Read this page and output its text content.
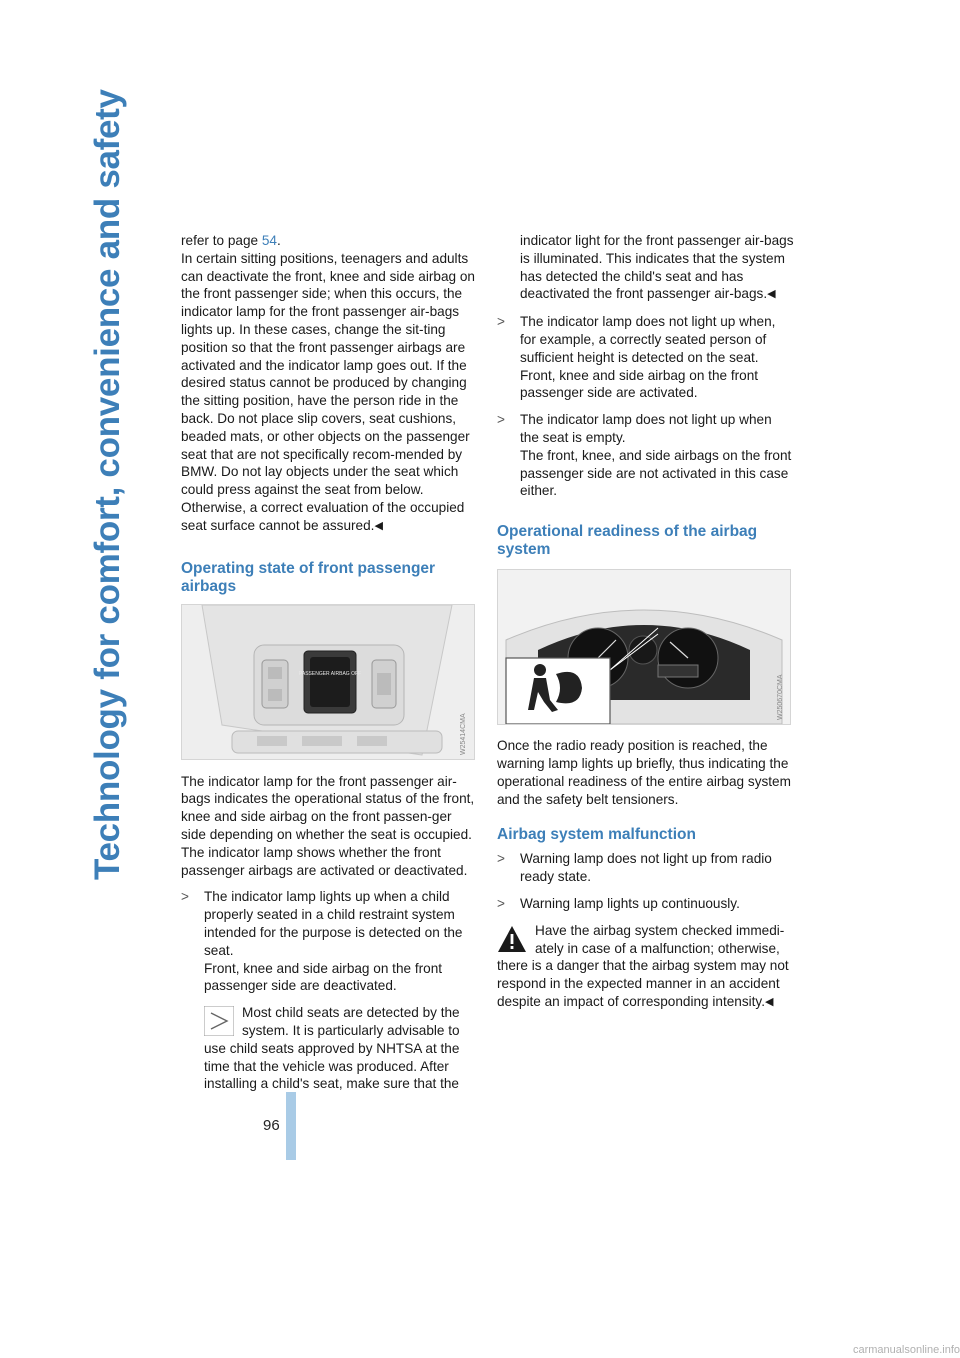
Technology for comfort, convenience and safety	refer to page 54.

In certain sitting positions, teenagers and adults can deactivate the front, knee and side airbag on the front passenger side; when this occurs, the indicator lamp for the front passenger air-bags lights up. In these cases, change the sit-ting position so that the front passenger airbags are activated and the indicator lamp goes out. If the desired status cannot be produced by changing the sitting position, have the person ride in the back. Do not place slip covers, seat cushions, beaded mats, or other objects on the passenger seat that are not specifically recom-mended by BMW. Do not lay objects under the seat which could press against the seat from below. Otherwise, a correct evaluation of the occupied seat surface cannot be assured.◀

Operating state of front passenger airbags
PASSENGER AIRBAG OFF
W25414CMA

The indicator lamp for the front passenger air-bags indicates the operational status of the front, knee and side airbag on the front passen-ger side depending on whether the seat is occupied. The indicator lamp shows whether the front passenger airbags are activated or deactivated.

> The indicator lamp lights up when a child properly seated in a child restraint system intended for the purpose is detected on the seat.

Front, knee and side airbag on the front passenger side are deactivated.

Most child seats are detected by the system. It is particularly advisable to use child seats approved by NHTSA at the time that the vehicle was produced. After installing a child's seat, make sure that the

indicator light for the front passenger air-bags is illuminated. This indicates that the system has detected the child's seat and has deactivated the front passenger air-bags.◀

> The indicator lamp does not light up when, for example, a correctly seated person of sufficient height is detected on the seat.

Front, knee and side airbag on the front passenger side are activated.

> The indicator lamp does not light up when the seat is empty.

The front, knee, and side airbags on the front passenger side are not activated in this case either.

Operational readiness of the airbag system
W250670CMA

Once the radio ready position is reached, the warning lamp lights up briefly, thus indicating the operational readiness of the entire airbag system and the safety belt tensioners.

Airbag system malfunction
> Warning lamp does not light up from radio ready state.

> Warning lamp lights up continuously.

Have the airbag system checked immedi-ately in case of a malfunction; otherwise, there is a danger that the airbag system may not respond in the expected manner in an accident despite an impact of corresponding intensity.◀

96
carmanualsonline.info
